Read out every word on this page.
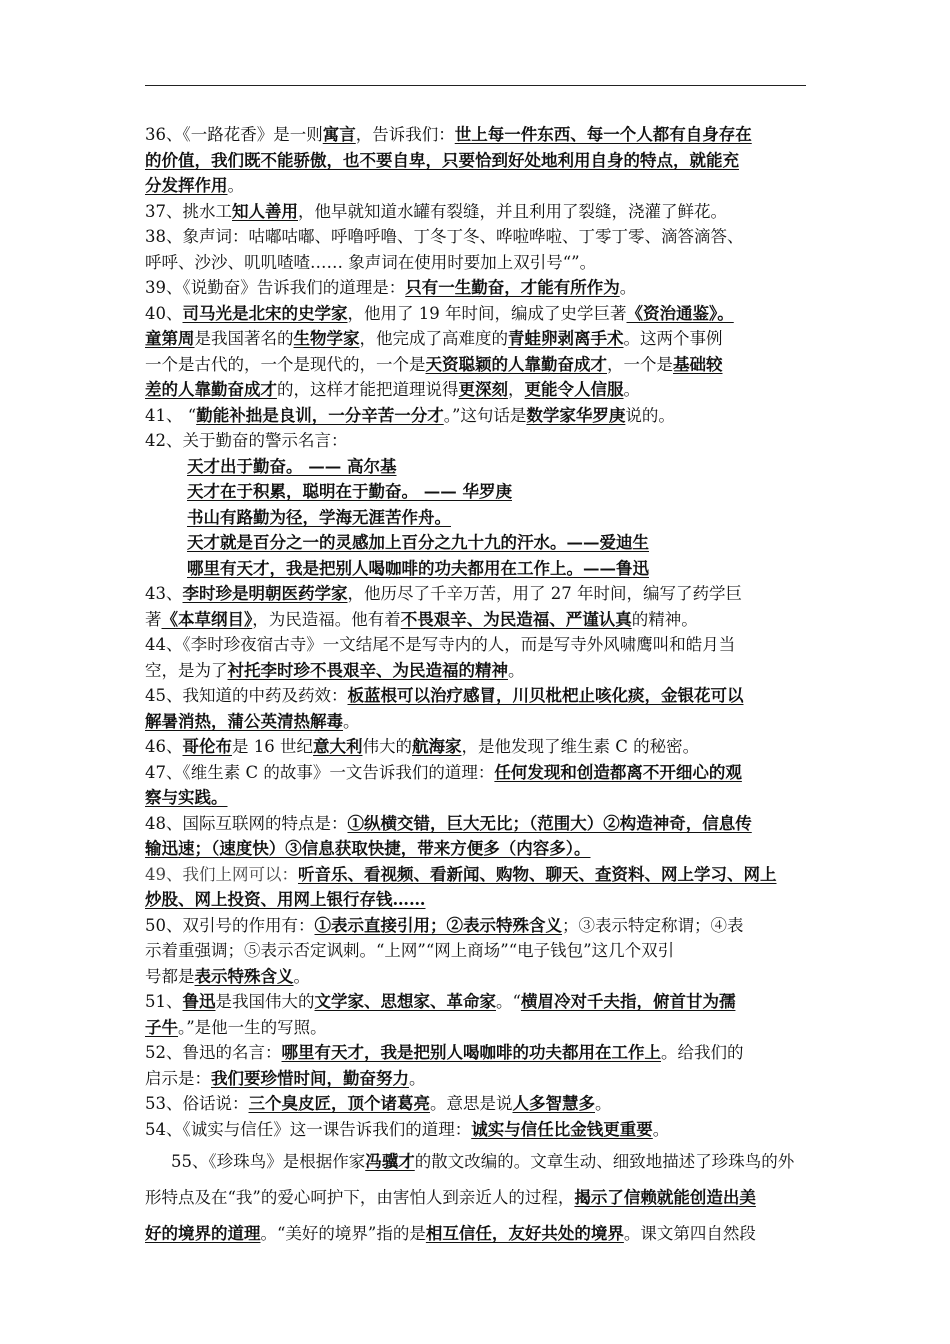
36、《一路花香》是一则寓言，告诉我们：世上每一件东西、每一个人都有自身存在
的价值，我们既不能骄傲，也不要自卑，只要恰到好处地利用自身的特点，就能充
分发挥作用。
37、挑水工知人善用，他早就知道水罐有裂缝，并且利用了裂缝，浇灌了鲜花。
38、象声词：咕嘟咕嘟、呼噜呼噜、丁冬丁冬、哗啦哗啦、丁零丁零、滴答滴答、
呼呼、沙沙、叽叽喳喳…… 象声词在使用时要加上双引号“”。
39、《说勤奋》告诉我们的道理是：只有一生勤奋，才能有所作为。
40、司马光是北宋的史学家，他用了 19 年时间，编成了史学巨著《资治通鉴》。
童第周是我国著名的生物学家，他完成了高难度的青蛙卵剥离手术。这两个事例
一个是古代的，一个是现代的，一个是天资聪颖的人靠勤奋成才，一个是基础较
差的人靠勤奋成才的，这样才能把道理说得更深刻，更能令人信服。
41、 “勤能补拙是良训，一分辛苦一分才。”这句话是数学家华罗庚说的。
42、关于勤奋的警示名言：
天才出于勤奋。 —— 高尔基
天才在于积累，聪明在于勤奋。 —— 华罗庚
书山有路勤为径，学海无涯苦作舟。
天才就是百分之一的灵感加上百分之九十九的汗水。——爱迪生
哪里有天才，我是把别人喝咖啡的功夫都用在工作上。——鲁迅
43、李时珍是明朝医药学家，他历尽了千辛万苦，用了 27 年时间，编写了药学巨
著《本草纲目》，为民造福。他有着不畏艰辛、为民造福、严谨认真的精神。
44、《李时珍夜宿古寺》一文结尾不是写寺内的人，而是写寺外风啸鹰叫和皓月当
空，是为了衬托李时珍不畏艰辛、为民造福的精神。
45、我知道的中药及药效：板蓝根可以治疗感冒，川贝枇杷止咳化痰，金银花可以
解暑消热，蒲公英清热解毒。
46、哥伦布是 16 世纪意大利伟大的航海家，是他发现了维生素 C 的秘密。
47、《维生素 C 的故事》一文告诉我们的道理：任何发现和创造都离不开细心的观
察与实践。
48、国际互联网的特点是：①纵横交错，巨大无比；（范围大）②构造神奇，信息传
输迅速；（速度快）③信息获取快捷，带来方便多（内容多）。
49、我们上网可以：听音乐、看视频、看新闻、购物、聊天、查资料、网上学习、网上
炒股、网上投资、用网上银行存钱……
50、双引号的作用有：①表示直接引用；②表示特殊含义；③表示特定称谓；④表
示着重强调；⑤表示否定讽刺。“上网”“网上商场”“电子钱包”这几个双引
号都是表示特殊含义。
51、鲁迅是我国伟大的文学家、思想家、革命家。“横眉冷对千夫指，俯首甘为孺
子牛。”是他一生的写照。
52、鲁迅的名言：哪里有天才，我是把别人喝咖啡的功夫都用在工作上。给我们的
启示是：我们要珍惜时间，勤奋努力。
53、俗话说：三个臭皮匠，顶个诸葛亮。意思是说人多智慧多。
54、《诚实与信任》这一课告诉我们的道理：诚实与信任比金钱更重要。
55、《珍珠鸟》是根据作家冯骥才的散文改编的。文章生动、细致地描述了珍珠鸟的外
形特点及在“我”的爱心呵护下，由害怕人到亲近人的过程，揭示了信赖就能创造出美
好的境界的道理。“美好的境界”指的是相互信任，友好共处的境界。课文第四自然段
